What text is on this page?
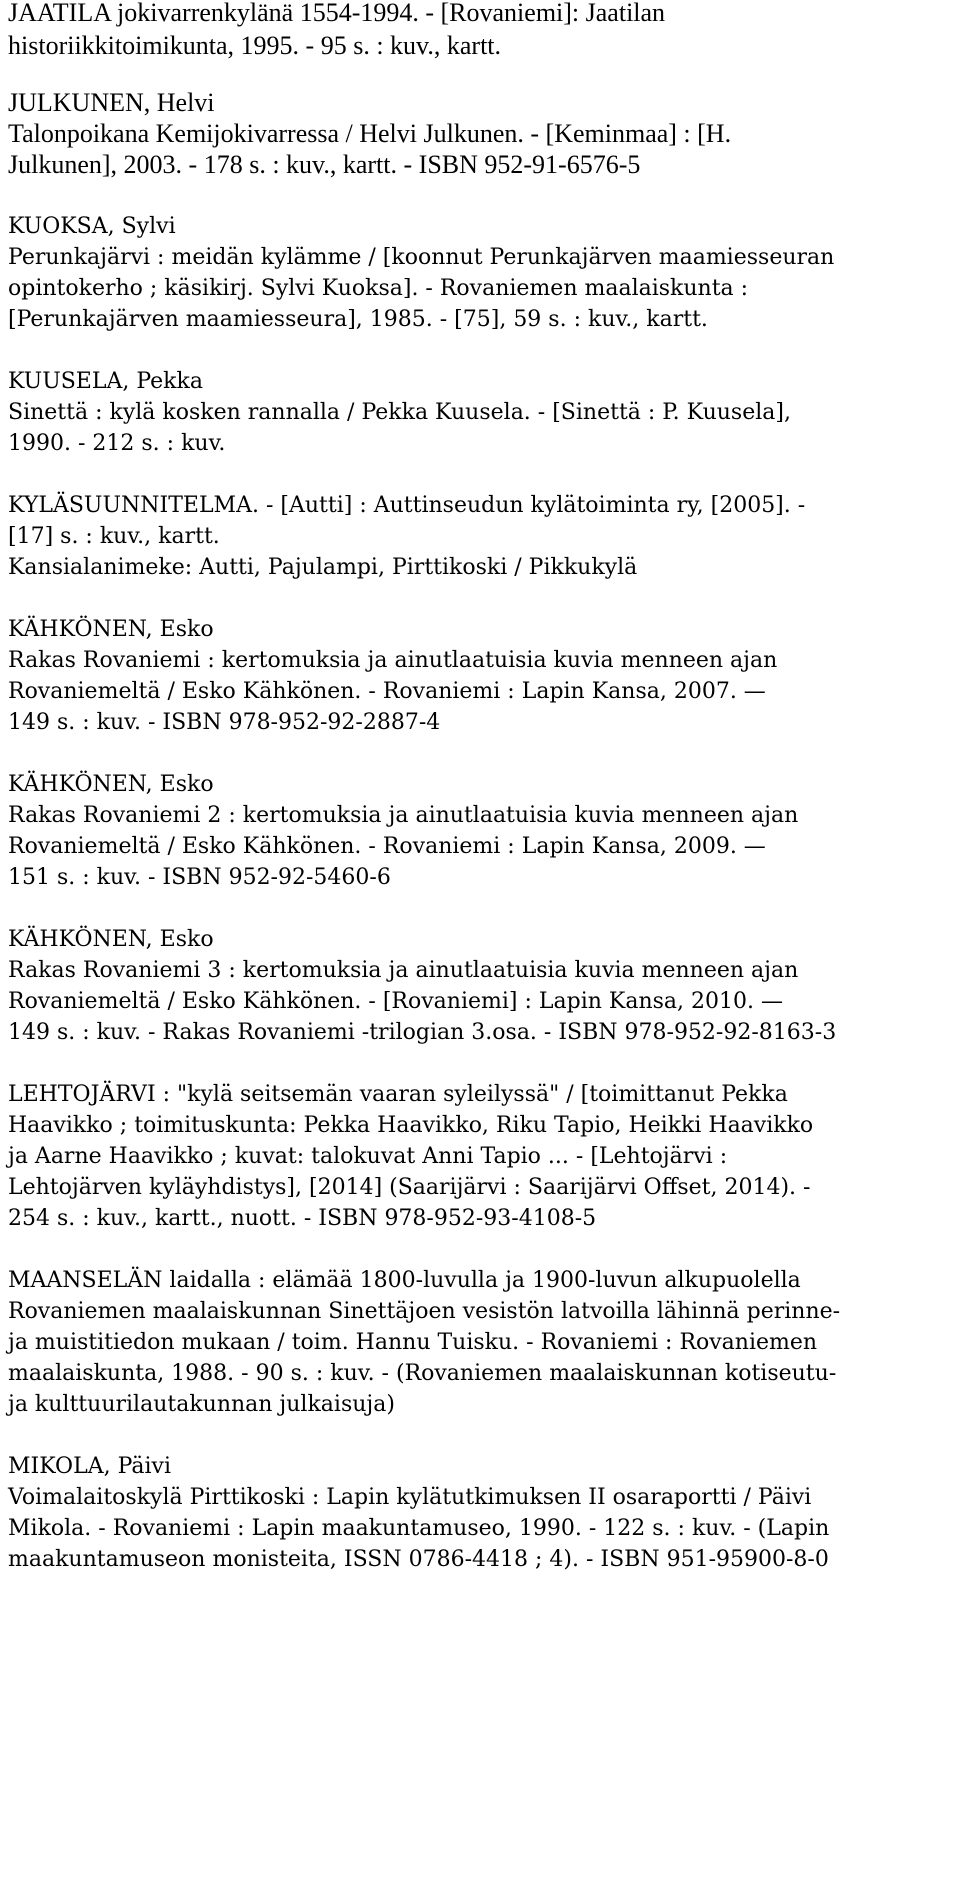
JAATILA jokivarrenkylänä 1554-1994. - [Rovaniemi]: Jaatilan
historiikkitoimikunta, 1995. - 95 s. : kuv., kartt.
JULKUNEN, Helvi
Talonpoikana Kemijokivarressa / Helvi Julkunen. - [Keminmaa] : [H.
Julkunen], 2003. - 178 s. : kuv., kartt. - ISBN 952-91-6576-5
KUOKSA, Sylvi
Perunkajärvi : meidän kylämme / [koonnut Perunkajärven maamiesseuran
opintokerho ; käsikirj. Sylvi Kuoksa]. - Rovaniemen maalaiskunta :
[Perunkajärven maamiesseura], 1985. - [75], 59 s. : kuv., kartt.
KUUSELA, Pekka
Sinettä : kylä kosken rannalla / Pekka Kuusela. - [Sinettä : P. Kuusela],
1990. - 212 s. : kuv.
KYLÄSUUNNITELMA. - [Autti] : Auttinseudun kylätoiminta ry, [2005]. -
[17] s. : kuv., kartt.
Kansialanimeke: Autti, Pajulampi, Pirttikoski / Pikkukylä
KÄHKÖNEN, Esko
Rakas Rovaniemi : kertomuksia ja ainutlaatuisia kuvia menneen ajan
Rovaniemeltä / Esko Kähkönen. - Rovaniemi : Lapin Kansa, 2007. —
149 s. : kuv. - ISBN 978-952-92-2887-4
KÄHKÖNEN, Esko
Rakas Rovaniemi 2 : kertomuksia ja ainutlaatuisia kuvia menneen ajan
Rovaniemeltä / Esko Kähkönen. - Rovaniemi : Lapin Kansa, 2009. —
151 s. : kuv. - ISBN 952-92-5460-6
KÄHKÖNEN, Esko
Rakas Rovaniemi 3 : kertomuksia ja ainutlaatuisia kuvia menneen ajan
Rovaniemeltä / Esko Kähkönen. - [Rovaniemi] : Lapin Kansa, 2010. —
149 s. : kuv. - Rakas Rovaniemi -trilogian 3.osa. - ISBN 978-952-92-8163-3
LEHTOJÄRVI : "kylä seitsemän vaaran syleilyssä" / [toimittanut Pekka
Haavikko ; toimituskunta: Pekka Haavikko, Riku Tapio, Heikki Haavikko
ja Aarne Haavikko ; kuvat: talokuvat Anni Tapio ... - [Lehtojärvi :
Lehtojärven kyläyhdistys], [2014] (Saarijärvi : Saarijärvi Offset, 2014). -
254 s. : kuv., kartt., nuott. - ISBN 978-952-93-4108-5
MAANSELÄN laidalla : elämää 1800-luvulla ja 1900-luvun alkupuolella
Rovaniemen maalaiskunnan Sinettäjoen vesistön latvoilla lähinnä perinne-
ja muistitiedon mukaan / toim. Hannu Tuisku. - Rovaniemi : Rovaniemen
maalaiskunta, 1988. - 90 s. : kuv. - (Rovaniemen maalaiskunnan kotiseutu-
ja kulttuurilautakunnan julkaisuja)
MIKOLA, Päivi
Voimalaitoskylä Pirttikoski : Lapin kylätutkimuksen II osaraportti / Päivi
Mikola. - Rovaniemi : Lapin maakuntamuseo, 1990. - 122 s. : kuv. - (Lapin
maakuntamuseon monisteita, ISSN 0786-4418 ; 4). - ISBN 951-95900-8-0
